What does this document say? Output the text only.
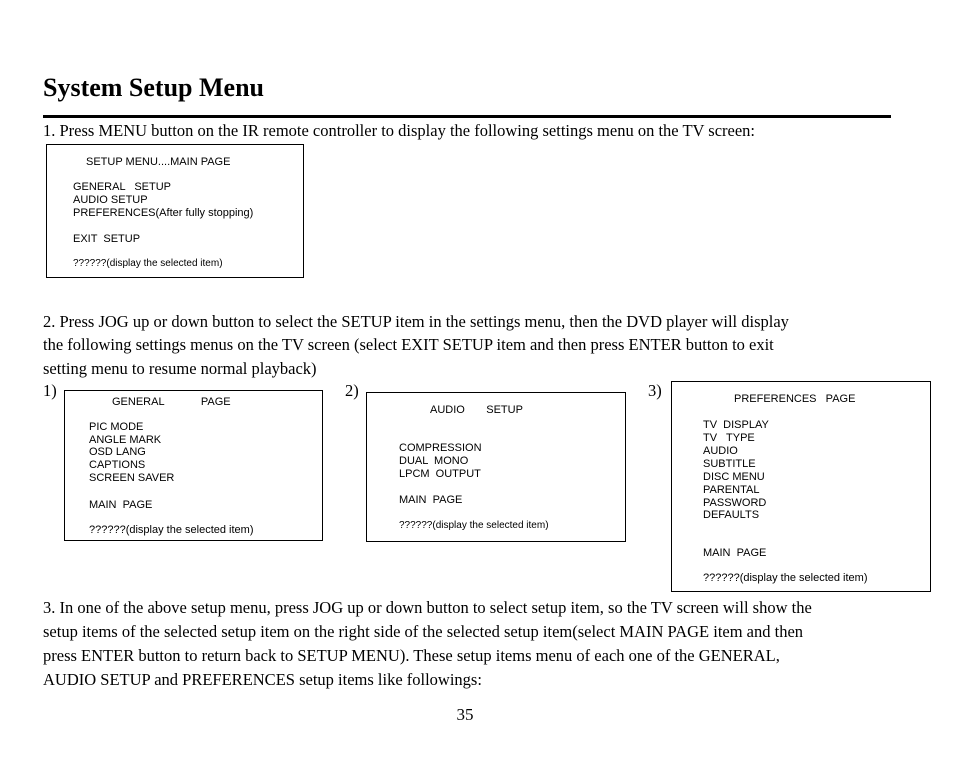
System Setup Menu
1. Press MENU button on the IR remote controller to display the following settings menu on the TV screen:
SETUP MENU....MAIN PAGE
GENERAL   SETUP
AUDIO SETUP
PREFERENCES(After fully stopping)
EXIT  SETUP
??????(display the selected item)
2. Press JOG up or down button to select the SETUP item in the settings menu, then the DVD player will display
the following settings menus on the TV screen (select EXIT SETUP item and then press ENTER button to exit
setting menu to resume normal playback)
1)	2)	3)
GENERAL            PAGE
PIC MODE
ANGLE MARK
OSD LANG
CAPTIONS
SCREEN SAVER
MAIN  PAGE
??????(display the selected item)
AUDIO       SETUP
COMPRESSION
DUAL  MONO
LPCM  OUTPUT
MAIN  PAGE
??????(display the selected item)
PREFERENCES   PAGE
TV  DISPLAY
TV   TYPE
AUDIO
SUBTITLE
DISC MENU
PARENTAL
PASSWORD
DEFAULTS
MAIN  PAGE
??????(display the selected item)
3. In one of the above setup menu, press JOG up or down button to select setup item, so the TV screen will show the
setup items of the selected setup item on the right side of the selected setup item(select MAIN PAGE item and then
press ENTER button to return back to SETUP MENU). These setup items menu of each one of the GENERAL,
AUDIO SETUP and PREFERENCES setup items like followings:
35
